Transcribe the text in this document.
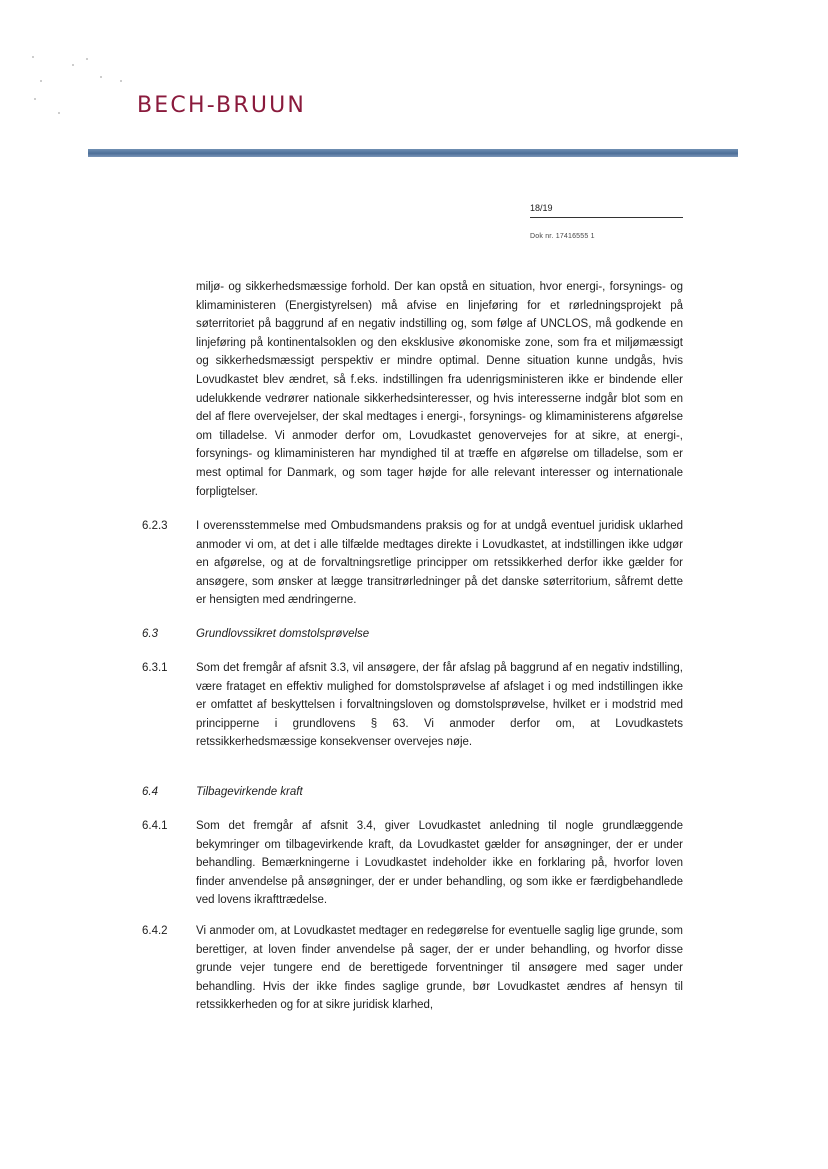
BECH-BRUUN
18/19
Dok nr. 17416555 1

miljø- og sikkerhedsmæssige forhold. Der kan opstå en situation, hvor energi-, forsynings- og klimaministeren (Energistyrelsen) må afvise en linjeføring for et rørledningsprojekt på søterritoriet på baggrund af en negativ indstilling og, som følge af UNCLOS, må godkende en linjeføring på kontinentalsoklen og den eksklusive økonomiske zone, som fra et miljømæssigt og sikkerhedsmæssigt perspektiv er mindre optimal. Denne situation kunne undgås, hvis Lovudkastet blev ændret, så f.eks. indstillingen fra udenrigsministeren ikke er bindende eller udelukkende vedrører nationale sikkerhedsinteresser, og hvis interesserne indgår blot som en del af flere overvejelser, der skal medtages i energi-, forsynings- og klimaministerens afgørelse om tilladelse. Vi anmoder derfor om, Lovudkastet genovervejes for at sikre, at energi-, forsynings- og klimaministeren har myndighed til at træffe en afgørelse om tilladelse, som er mest optimal for Danmark, og som tager højde for alle relevant interesser og internationale forpligtelser.

6.2.3	I overensstemmelse med Ombudsmandens praksis og for at undgå eventuel juridisk uklarhed anmoder vi om, at det i alle tilfælde medtages direkte i Lovudkastet, at indstillingen ikke udgør en afgørelse, og at de forvaltningsretlige principper om retssikkerhed derfor ikke gælder for ansøgere, som ønsker at lægge transitrørledninger på det danske søterritorium, såfremt dette er hensigten med ændringerne.
6.3	Grundlovssikret domstolsprøvelse
6.3.1	Som det fremgår af afsnit 3.3, vil ansøgere, der får afslag på baggrund af en negativ indstilling, være frataget en effektiv mulighed for domstolsprøvelse af afslaget i og med indstillingen ikke er omfattet af beskyttelsen i forvaltningsloven og domstolsprøvelse, hvilket er i modstrid med principperne i grundlovens § 63. Vi anmoder derfor om, at Lovudkastets retssikkerhedsmæssige konsekvenser overvejes nøje.
6.4	Tilbagevirkende kraft
6.4.1	Som det fremgår af afsnit 3.4, giver Lovudkastet anledning til nogle grundlæggende bekymringer om tilbagevirkende kraft, da Lovudkastet gælder for ansøgninger, der er under behandling. Bemærkningerne i Lovudkastet indeholder ikke en forklaring på, hvorfor loven finder anvendelse på ansøgninger, der er under behandling, og som ikke er færdigbehandlede ved lovens ikrafttrædelse.
6.4.2	Vi anmoder om, at Lovudkastet medtager en redegørelse for eventuelle saglig lige grunde, som berettiger, at loven finder anvendelse på sager, der er under behandling, og hvorfor disse grunde vejer tungere end de berettigede forventninger til ansøgere med sager under behandling. Hvis der ikke findes saglige grunde, bør Lovudkastet ændres af hensyn til retssikkerheden og for at sikre juridisk klarhed,
